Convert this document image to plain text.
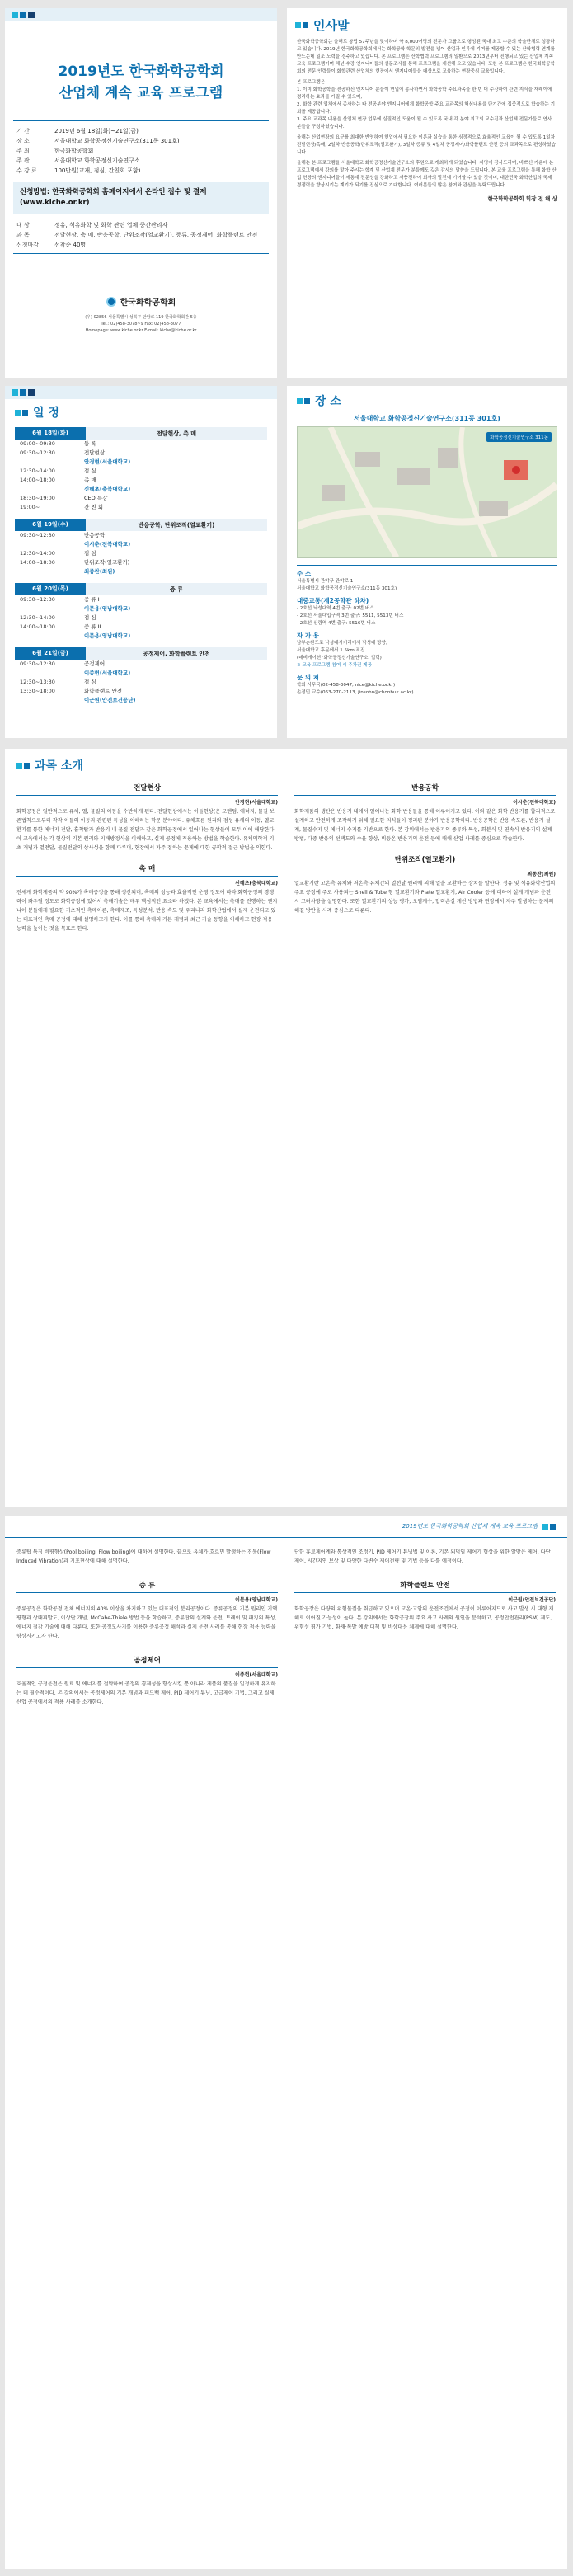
2019년도 한국화학공학회
산업체 계속 교육 프로그램
기 간	2019년 6월 18일(화)~21일(금)
장 소	서울대학교 화학공정신기술연구소(311동 301호)
주 최	한국화학공학회
주 관	서울대학교 화학공정신기술연구소
수 강 료	100만원(교재, 점심, 간친회 포함)
신청방법: 한국화학공학회 홈페이지에서 온라인 접수 및 결제(www.kiche.or.kr)
대 상	정유, 석유화학 및 화학 관련 업체 중간관리자
과 목	전달현상, 축 매, 반응공학, 단위조작(열교환기), 증류, 공정제어, 화학플랜트 안전
신청마감	선착순 40명
한국화학공학회
(우) 02856 서울특별시 성북구 안암로 119 한국화학회관 5층
Tel.: 02)458-3078~9 Fax: 02)458-3077
Homepage: www.kiche.or.kr E-mail: kiche@kiche.or.kr
인사말

한국화학공학회는 올해로 창립 57주년을 맞이하며 약 8,000여명의 전문가 그룹으로 형성된 국내 최고 수준의 학술단체로 성장하고 있습니다. 2019년 한국화학공학회에서는 화학공학 학문의 발전을 넘어 산업과 인류에 기여를 제공할 수 있는 산학협력 연계를 만드는데 일조 노력을 경주하고 있습니다. 본 프로그램은 산학협력 프로그램의 일환으로 2013년부터 진행되고 있는 산업체 계속 교육 프로그램이며 해년 수강 엔지니어들의 설문조사를 통해 프로그램을 개선해 오고 있습니다. 또한 본 프로그램은 한국화학공학회의 전문 인력들이 화학관련 산업체의 현장에서 엔지니어들을 대상으로 교육하는 현장중심 교육입니다.

본 프로그램은

1. 이미 화학공학을 전공하신 엔지니어 분들이 현업에 종사하면서 화학공학 주요과목을 한 번 더 수강하여 관련 지식을 재래이에 정리하는 효과를 가질 수 있으며,

2. 화학 관련 업체에서 종사하는 타 전공분야 엔지니어에게 화학공학 주요 교과목의 핵심내용을 단기간에 집중적으로 학습하는 기회를 제공합니다.

3. 주요 교과목 내용을 산업체 현장 업무에 실질적인 도움이 될 수 있도록 국내 각 분야 최고의 교수진과 산업체 전문가들로 연사 분들을 구성하였습니다.

올해는 산업현장의 요구를 최대한 반영하여 현업에서 필요한 이론과 실습을 통한 심정적으로 효율적인 교육이 될 수 있도록 1일차 전달현상/촉매, 2일차 반응공학/단위조작(열교환기), 3일차 증류 및 4일차 공정제어/화학플랜트 안전 등의 교과목으로 편성하였습니다.

올해는 본 프로그램을 서울대학교 화학공정신기술연구소의 후원으로 개최하게 되었습니다. 저명에 강사드리며, 바쁘신 가운데 본 프로그램에서 강의를 맡아 주시는 학계 및 산업계 전문가 분들께도 깊은 감사의 말씀을 드립니다. 본 교육 프로그램을 통해 화학 산업 현장의 엔지니어들이 세통계 전문성을 강화하고 재충전하여 회사의 발전에 기여할 수 있을 것이며, 대한민국 화학산업의 국제 경쟁력을 향상시키는 계기가 되기를 진심으로 기대합니다. 여러분들의 많은 참여와 관심을 부탁드립니다.

한국화학공학회 회장 전 해 상

일 정
6월 18일(화)	전달현상, 촉 매
09:00~09:30	등 록
09:30~12:30	전달현상
안경현(서울대학교)
12:30~14:00	점 심
14:00~18:00	촉 매
신혜초(충북대학교)
18:30~19:00	CEO 특강
19:00~	간 친 회
6월 19일(수)	반응공학, 단위조작(열교환기)
09:30~12:30	반응공학
이시춘(전북대학교)
12:30~14:00	점 심
14:00~18:00	단위조작(열교환기)
최종찬(최원)
6월 20일(목)	증 류
09:30~12:30	증 류 I
이문용(영남대학교)
12:30~14:00	점 심
14:00~18:00	증 류 II
이문용(영남대학교)
6월 21일(금)	공정제어, 화학플랜트 안전
09:30~12:30	공정제어
이종헌(서울대학교)
12:30~13:30	점 심
13:30~18:00	화학플랜트 안전
이근원(안전보건공단)
장 소
서울대학교 화학공정신기술연구소(311동 301호)
화학공정신기술연구소 311동
주 소
서울특별시 관악구 관악로 1
서울대학교 화학공정신기술연구소(311동 301호)
대중교통(제2공학관 하차)
- 2호선 낙성대역 4번 출구: 02번 버스
- 2호선 서울대입구역 3번 출구: 5511, 5513번 버스
- 2호선 신림역 4번 출구: 5516번 버스
자 가 용
남부순환도로 낙성대사거리에서 낙성대 방향,
서울대학교 후문에서 1.5km 직진
(네비게이션 '화학공정신기술연구소' 입력)
※ 교육 프로그램 참여 시 주차권 제공
문 의 처
학회 사무국(02-458-3047, nice@kiche.or.kr)
손정민 교수(063-270-2113, jinsohn@chonbuk.ac.kr)
과목 소개
전달현상
안경현(서울대학교)

화학공정은 일반적으로 유체, 열, 물질의 이동을 수반하게 된다. 전달현상에서는 이들현상(운·모멘텀, 에너지, 물질 보존법칙으로부터 각각 이들의 이동과 관련된 특성을 이해하는 학문 분야이다. 유체흐름 원리와 점성 유체의 이동, 열교환기를 통한 에너지 전달, 흡착탑과 반응기 내 물질 전달과 같은 화학공정에서 일어나는 현상들이 모두 이에 해당한다. 이 교육에서는 각 현상의 기본 원리와 지배방정식을 이해하고, 실제 공정에 적용하는 방법을 학습한다. 유체역학적 기초 개념과 열전달, 물질전달의 상사성을 함께 다루며, 현장에서 자주 접하는 문제에 대한 공학적 접근 방법을 익힌다.

촉 매
신혜초(충북대학교)

전세계 화학제품의 약 90%가 촉매공정을 통해 생산되며, 촉매의 성능과 효율적인 운영 정도에 따라 화학공정의 경쟁력이 좌우될 정도로 화학공정에 있어서 촉매기술은 매우 핵심적인 요소라 하겠다. 본 교육에서는 촉매를 진행하는 엔지니어 분들에게 필요한 기초적인 촉매이론, 촉매제조, 특성분석, 반응 속도 및 우리나라 화학산업에서 실제 운전되고 있는 대표적인 촉매 공정에 대해 설명하고자 한다. 이를 통해 촉매의 기본 개념과 최근 기술 동향을 이해하고 현장 적용 능력을 높이는 것을 목표로 한다.

반응공학
이시춘(전북대학교)

화학제품의 생산은 반응기 내에서 일어나는 화학 반응들을 통해 이루어지고 있다. 이와 같은 화학 반응기를 합리적으로 설계하고 안전하게 조작하기 위해 필요한 지식들이 정리된 분야가 반응공학이다. 반응공학은 반응 속도론, 반응기 설계, 물질수지 및 에너지 수지를 기반으로 한다. 본 강의에서는 반응기의 종류와 특성, 회분식 및 연속식 반응기의 설계 방법, 다중 반응의 선택도와 수율 향상, 비등온 반응기의 운전 등에 대해 산업 사례를 중심으로 학습한다.

단위조작(열교환기)
최종찬(최원)

열교환기란 고온측 유체와 저온측 유체간의 열전달 원리에 의해 열을 교환하는 장치를 말한다. 정유 및 석유화학산업의 주요 공정에 주로 사용되는 Shell & Tube 형 열교환기와 Plate 열교환기, Air Cooler 등에 대하여 설계 개념과 운전 시 고려사항을 설명한다. 또한 열교환기의 성능 평가, 오염계수, 압력손실 계산 방법과 현장에서 자주 발생하는 문제의 해결 방안을 사례 중심으로 다룬다.

2019년도 한국화학공학회 산업체 계속 교육 프로그램

증류탑 특징 비평형상(Pool boiling, Flow boiling)에 대하여 설명한다. 끝으로 유체가 흐르면 발생하는 진동(Flow Induced Vibration)과 기포현상에 대해 설명한다.

증 류
이문용(영남대학교)

증류공정은 화학공정 전체 에너지의 40% 이상을 차지하고 있는 대표적인 분리공정이다. 증류공정의 기본 원리인 기액평형과 상대휘발도, 이상단 개념, McCabe-Thiele 방법 등을 학습하고, 증류탑의 설계와 운전, 트레이 및 패킹의 특성, 에너지 절감 기술에 대해 다룬다. 또한 공정모사기를 이용한 증류공정 해석과 실제 운전 사례를 통해 현장 적용 능력을 향상시키고자 한다.

공정제어
이종헌(서울대학교)

효율적인 공정운전은 원료 및 에너지를 절약하여 공정의 경제성을 향상시킬 뿐 아니라 제품의 품질을 일정하게 유지하는 데 필수적이다. 본 강의에서는 공정제어의 기본 개념과 피드백 제어, PID 제어기 튜닝, 고급제어 기법, 그리고 실제 산업 공정에서의 적용 사례를 소개한다.

단한 휴료제어계와 통상적인 조정기, PID 제어기 튜닝법 및 이론, 기본 되먹임 제어기 형상을 위한 알맞은 제어, 다단 제어, 시간지연 보상 및 다양한 다변수 제어전략 및 기법 등을 다룰 예정이다.

화학플랜트 안전
이근원(안전보건공단)

화학공장은 다량의 위험물질을 취급하고 있으며 고온·고압의 운전조건에서 공정이 이루어지므로 사고 발생 시 대형 재해로 이어질 가능성이 높다. 본 강의에서는 화학공장의 주요 사고 사례와 원인을 분석하고, 공정안전관리(PSM) 제도, 위험성 평가 기법, 화재·폭발 예방 대책 및 비상대응 체계에 대해 설명한다.
